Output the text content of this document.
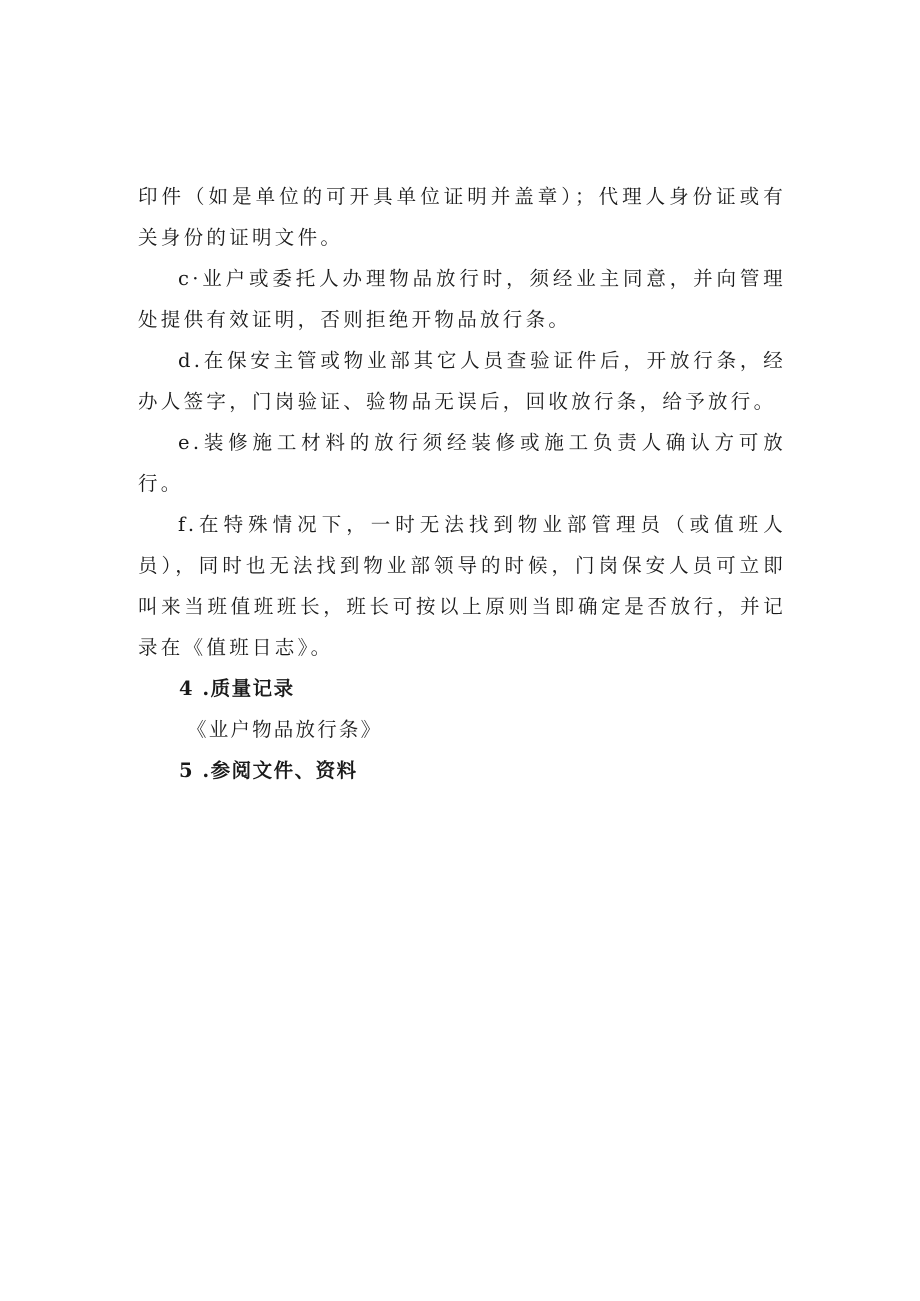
印件（如是单位的可开具单位证明并盖章）；代理人身份证或有关身份的证明文件。

c·业户或委托人办理物品放行时，须经业主同意，并向管理处提供有效证明，否则拒绝开物品放行条。

d.在保安主管或物业部其它人员查验证件后，开放行条，经办人签字，门岗验证、验物品无误后，回收放行条，给予放行。

e.装修施工材料的放行须经装修或施工负责人确认方可放行。

f.在特殊情况下，一时无法找到物业部管理员（或值班人员），同时也无法找到物业部领导的时候，门岗保安人员可立即叫来当班值班班长，班长可按以上原则当即确定是否放行，并记录在《值班日志》。

4 .质量记录

《业户物品放行条》

5 .参阅文件、资料
